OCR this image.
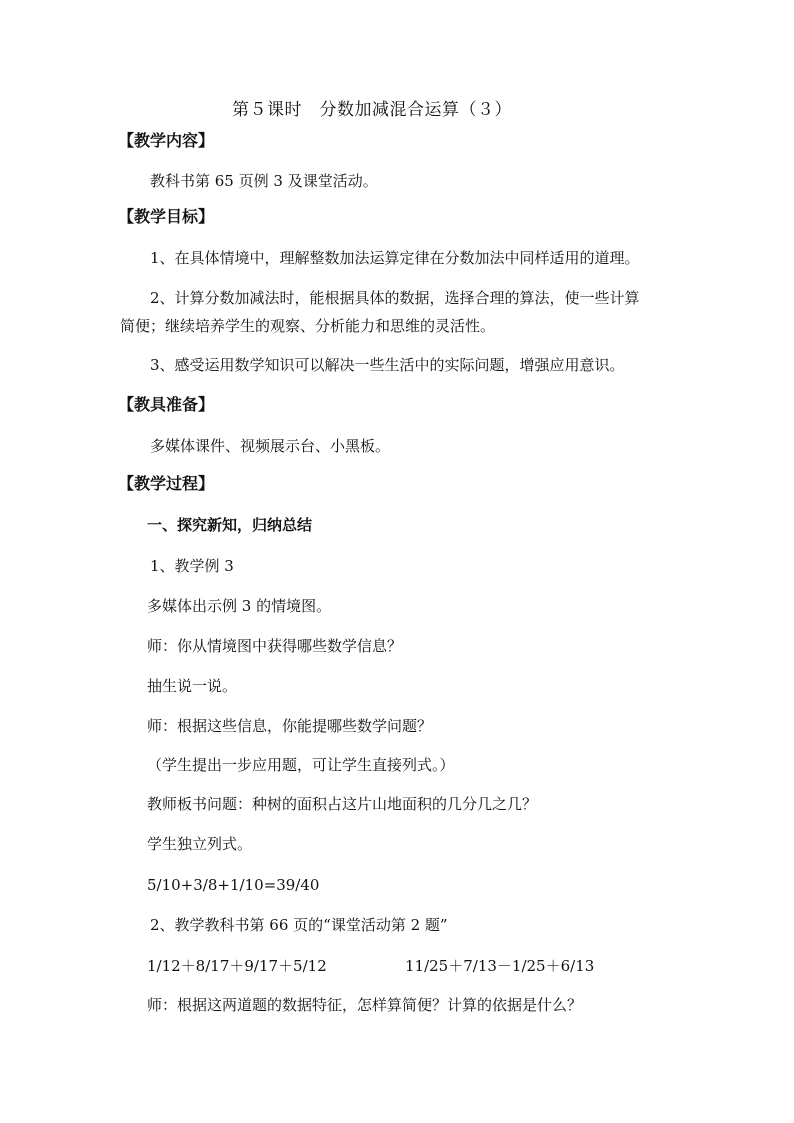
第５课时　分数加减混合运算（３）
【教学内容】
教科书第 65 页例 3 及课堂活动。
【教学目标】
1、在具体情境中，理解整数加法运算定律在分数加法中同样适用的道理。
2、计算分数加减法时，能根据具体的数据，选择合理的算法，使一些计算
简便；继续培养学生的观察、分析能力和思维的灵活性。
3、感受运用数学知识可以解决一些生活中的实际问题，增强应用意识。
【教具准备】
多媒体课件、视频展示台、小黑板。
【教学过程】
一、探究新知，归纳总结
1、教学例 3
多媒体出示例 3 的情境图。
师：你从情境图中获得哪些数学信息？
抽生说一说。
师：根据这些信息，你能提哪些数学问题？
（学生提出一步应用题，可让学生直接列式。）
教师板书问题：种树的面积占这片山地面积的几分几之几？
学生独立列式。
5/10+3/8+1/10=39/40
2、教学教科书第 66 页的“课堂活动第 2 题”
1/12＋8/17＋9/17＋5/12	11/25＋7/13－1/25＋6/13
师：根据这两道题的数据特征，怎样算简便？计算的依据是什么？
